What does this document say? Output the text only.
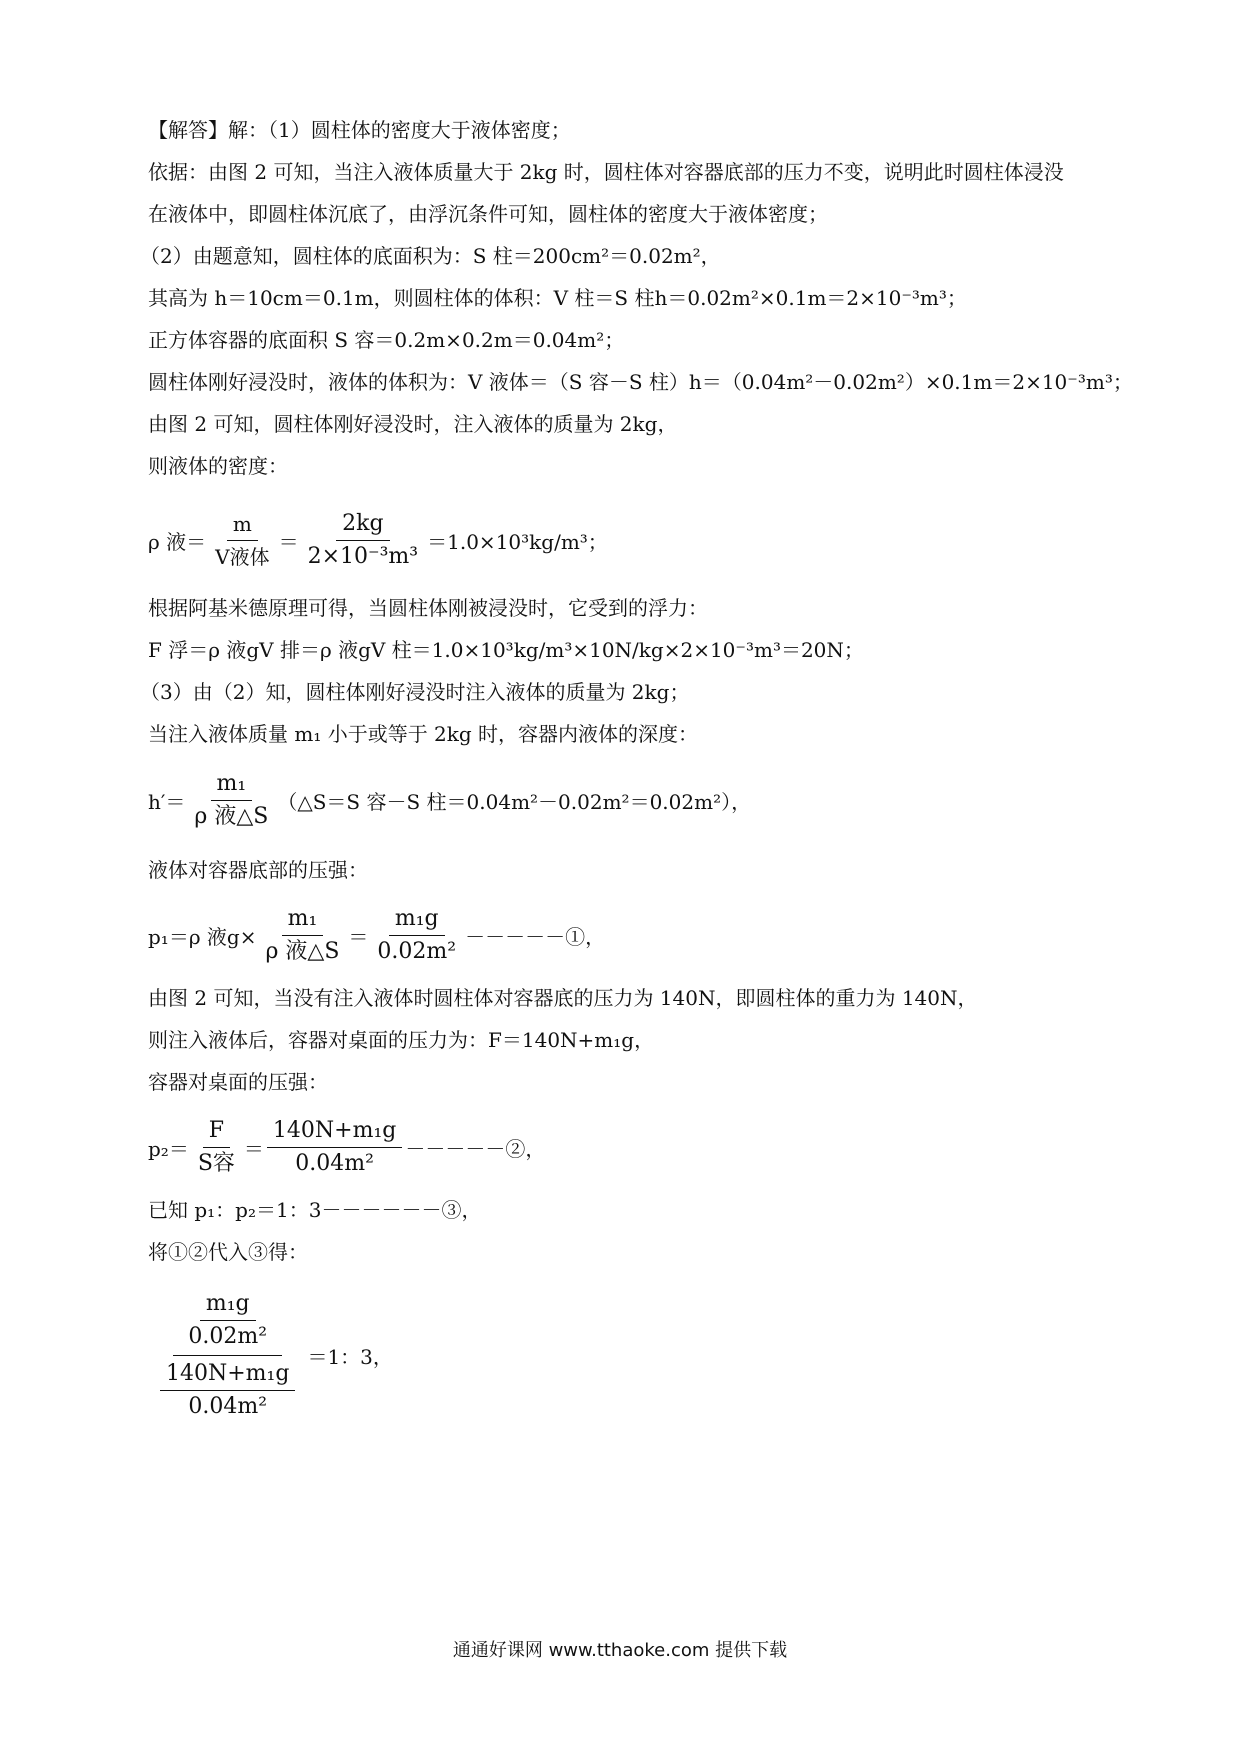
【解答】解：（1）圆柱体的密度大于液体密度；
依据：由图 2 可知，当注入液体质量大于 2kg 时，圆柱体对容器底部的压力不变，说明此时圆柱体浸没
在液体中，即圆柱体沉底了，由浮沉条件可知，圆柱体的密度大于液体密度；
（2）由题意知，圆柱体的底面积为：S 柱＝200cm²＝0.02m²，
其高为 h＝10cm＝0.1m，则圆柱体的体积：V 柱＝S 柱h＝0.02m²×0.1m＝2×10⁻³m³；
正方体容器的底面积 S 容＝0.2m×0.2m＝0.04m²；
圆柱体刚好浸没时，液体的体积为：V 液体＝（S 容－S 柱）h＝（0.04m²－0.02m²）×0.1m＝2×10⁻³m³；
由图 2 可知，圆柱体刚好浸没时，注入液体的质量为 2kg，
则液体的密度：
ρ 液＝ $\frac{m}{\text{V液体}} = \frac{2kg}{\text{2×10⁻³m³}} =1.0\times 10^3kg/m^3$；
根据阿基米德原理可得，当圆柱体刚被浸没时，它受到的浮力：
F 浮＝ρ 液gV 排＝ρ 液gV 柱＝1.0×10³kg/m³×10N/kg×2×10⁻³m³＝20N；
（3）由（2）知，圆柱体刚好浸没时注入液体的质量为 2kg；
当注入液体质量 m₁ 小于或等于 2kg 时，容器内液体的深度：
$h'= \frac{\text{m₁}}{\text{ρ 液△S}}$ （△S＝S 容－S 柱＝0.04m²－0.02m²＝0.02m²），
液体对容器底部的压强：
p₁＝ρ 液$g\times \frac{\text{m₁}}{\text{ρ 液△S}} = \frac{\text{m₁g}}{\text{0.02m²}}$ －－－－－①，
由图 2 可知，当没有注入液体时圆柱体对容器底的压力为 140N，即圆柱体的重力为 140N，
则注入液体后，容器对桌面的压力为：F＝140N+m₁g，
容器对桌面的压强：
$p_2= \frac{F}{\text{S容}} = \frac{\text{140N+m₁g}}{\text{0.04m²}}$ －－－－－②，
已知 p₁：p₂＝1：3－－－－－－③，
将①②代入③得：
$\frac{\frac{\text{m₁g}}{\text{0.02m²}}}{\frac{\text{140N+m₁g}}{\text{0.04m²}}} =1$：3，
通通好课网 www.tthaoke.com 提供下载
